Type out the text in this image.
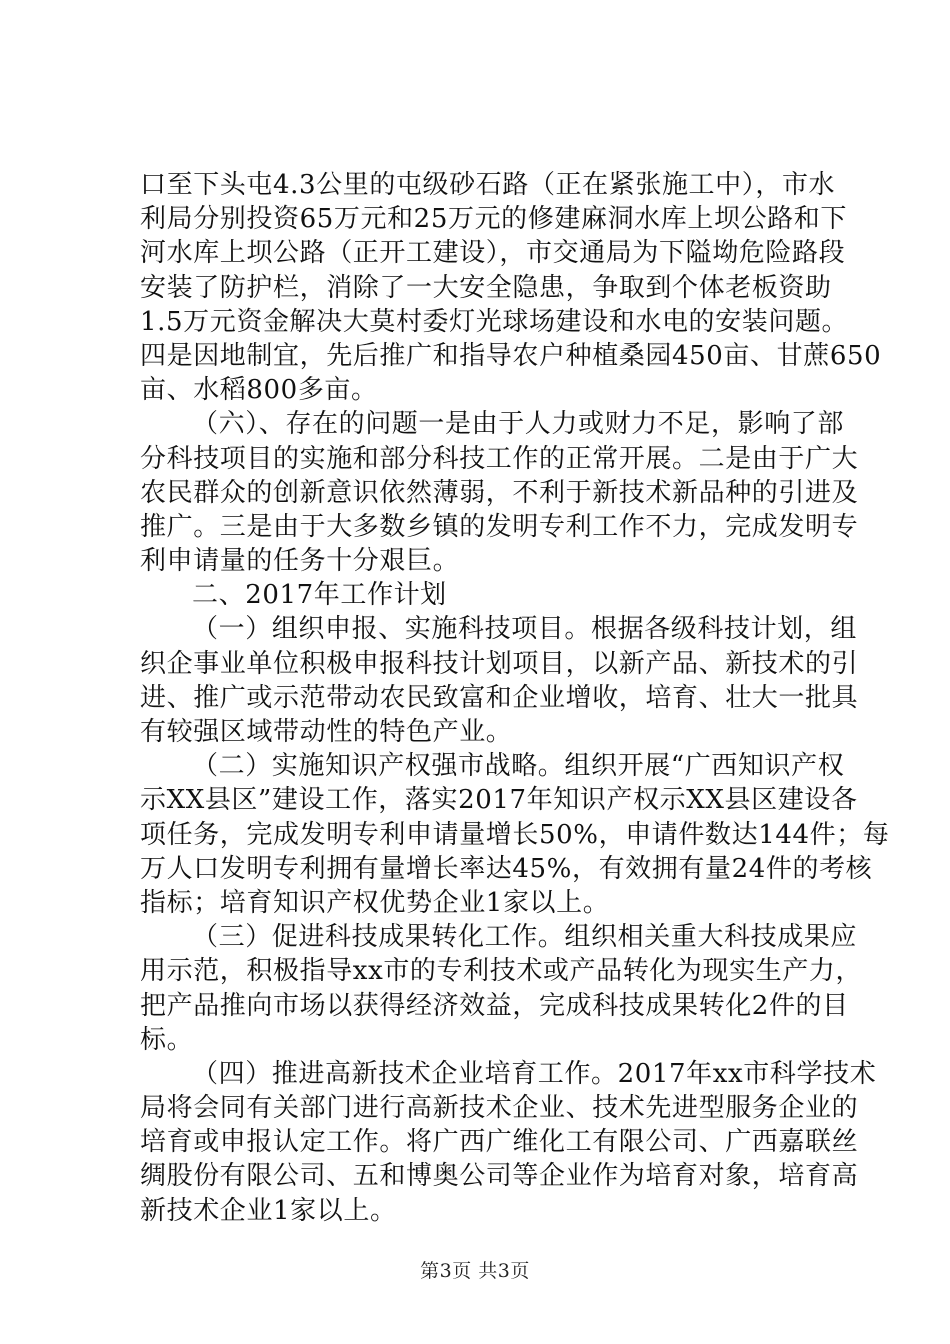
口至下头屯4.3公里的屯级砂石路（正在紧张施工中），市水
利局分别投资65万元和25万元的修建麻洞水库上坝公路和下
河水库上坝公路（正开工建设），市交通局为下隘坳危险路段
安装了防护栏，消除了一大安全隐患，争取到个体老板资助
1.5万元资金解决大莫村委灯光球场建设和水电的安装问题。
四是因地制宜，先后推广和指导农户种植桑园450亩、甘蔗650
亩、水稻800多亩。
（六）、存在的问题一是由于人力或财力不足，影响了部
分科技项目的实施和部分科技工作的正常开展。二是由于广大
农民群众的创新意识依然薄弱，不利于新技术新品种的引进及
推广。三是由于大多数乡镇的发明专利工作不力，完成发明专
利申请量的任务十分艰巨。
二、2017年工作计划
（一）组织申报、实施科技项目。根据各级科技计划，组
织企事业单位积极申报科技计划项目，以新产品、新技术的引
进、推广或示范带动农民致富和企业增收，培育、壮大一批具
有较强区域带动性的特色产业。
（二）实施知识产权强市战略。组织开展“广西知识产权
示XX县区”建设工作，落实2017年知识产权示XX县区建设各
项任务，完成发明专利申请量增长50%，申请件数达144件；每
万人口发明专利拥有量增长率达45%，有效拥有量24件的考核
指标；培育知识产权优势企业1家以上。
（三）促进科技成果转化工作。组织相关重大科技成果应
用示范，积极指导xx市的专利技术或产品转化为现实生产力，
把产品推向市场以获得经济效益，完成科技成果转化2件的目
标。
（四）推进高新技术企业培育工作。2017年xx市科学技术
局将会同有关部门进行高新技术企业、技术先进型服务企业的
培育或申报认定工作。将广西广维化工有限公司、广西嘉联丝
绸股份有限公司、五和博奥公司等企业作为培育对象，培育高
新技术企业1家以上。
第3页 共3页
